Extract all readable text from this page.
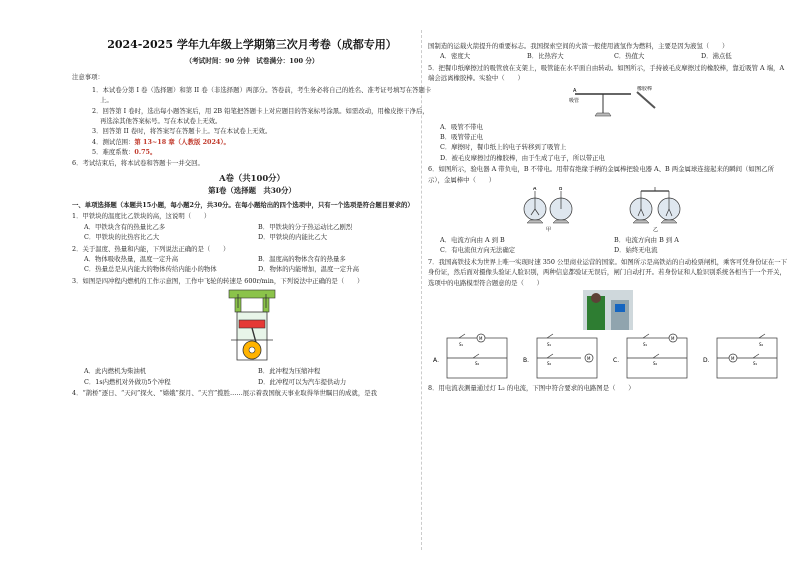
2024-2025 学年九年级上学期第三次月考卷（成都专用）
（考试时间：90 分钟　试卷满分：100 分）
注意事项：
1．本试卷分第 I 卷（选择题）和第 II 卷（非选择题）两部分。答卷前，考生务必将自己的姓名、准考证号填写在答题卡上。
2．回答第 I 卷时，选出每小题答案后，用 2B 铅笔把答题卡上对应题目的答案标号涂黑。如需改动，用橡皮擦干净后，再选涂其他答案标号。写在本试卷上无效。
3．回答第 II 卷时，将答案写在答题卡上。写在本试卷上无效。
4．测试范围：第 13~18 章（人教版 2024）。
5．难度系数：0.75。
6．考试结束后，将本试卷和答题卡一并交回。
A卷（共100分）
第I卷（选择题　共30分）
一、单项选择题（本题共15小题，每小题2分，共30分。在每小题给出的四个选项中，只有一个选项是符合题目要求的）
1．甲铁块的温度比乙铁块的高，这说明（　　）
A．甲铁块含有的热量比乙多	B．甲铁块的分子热运动比乙剧烈
C．甲铁块的比热容比乙大	D．甲铁块的内能比乙大
2．关于温度、热量和内能，下列说法正确的是（　　）
A．物体吸收热量，温度一定升高	B．温度高的物体含有的热量多
C．热量总是从内能大的物体传给内能小的物体	D．物体的内能增加，温度一定升高
3．如图是四冲程内燃机的工作示意图，工作中飞轮的转速是 600r/min，下列说法中正确的是（　　）
A．此内燃机为柴油机	B．此冲程为压缩冲程
C．1s内燃机对外做功5个冲程	D．此冲程可以为汽车提供动力
4．“鹊桥”逐日、“天问”探火、“嫦娥”探月、“天宫”揽胜……展示着我国航天事业取得举世瞩目的成就，是我
国制造的运载火箭提升的重要标志。我国探索空间的火箭一般使用液氢作为燃料，主要是因为液氢（　　）
A．密度大	B．比热容大	C．热值大	D．沸点低
5．把餐巾纸摩擦过的吸管放在支架上，吸管能在水平面自由转动。如图所示，手持被毛皮摩擦过的橡胶棒，靠近吸管 A 端，A端会远离橡胶棒。实验中（　　）
A
吸管
橡胶棒
A．吸管不带电
B．吸管带正电
C．摩擦时，餐巾纸上的电子转移到了吸管上
D．被毛皮摩擦过的橡胶棒，由于生成了电子，所以带正电
6．如图所示，验电器 A 带负电，B 不带电。用带有绝缘手柄的金属棒把验电器 A、B 两金属球连接起来的瞬间（如图乙所示），金属棒中（　　）
A	B
甲	乙
A．电流方向由 A 到 B	B．电流方向由 B 到 A
C．有电流但方向无法确定	D．始终无电流
7．我国高铁技术为世界上唯一实现时速 350 公里商业运营的国家。如图所示是高铁站的自动检票闸机，乘客可凭身份证在一下身份证，然后面对摄像头验证人脸识别，两种信息都验证无误后，闸门自动打开。若身份证和人脸识别系统各相当于一个开关，选项中的电路模型符合题意的是（　　）
A．
M
S₁
S₂	B．
S₁
S₂
M	C．
S₁
S₂
M
D．
S₂
S₁
M
8．用电流表测量通过灯 L₂ 的电流，下图中符合要求的电路图是（　　）
